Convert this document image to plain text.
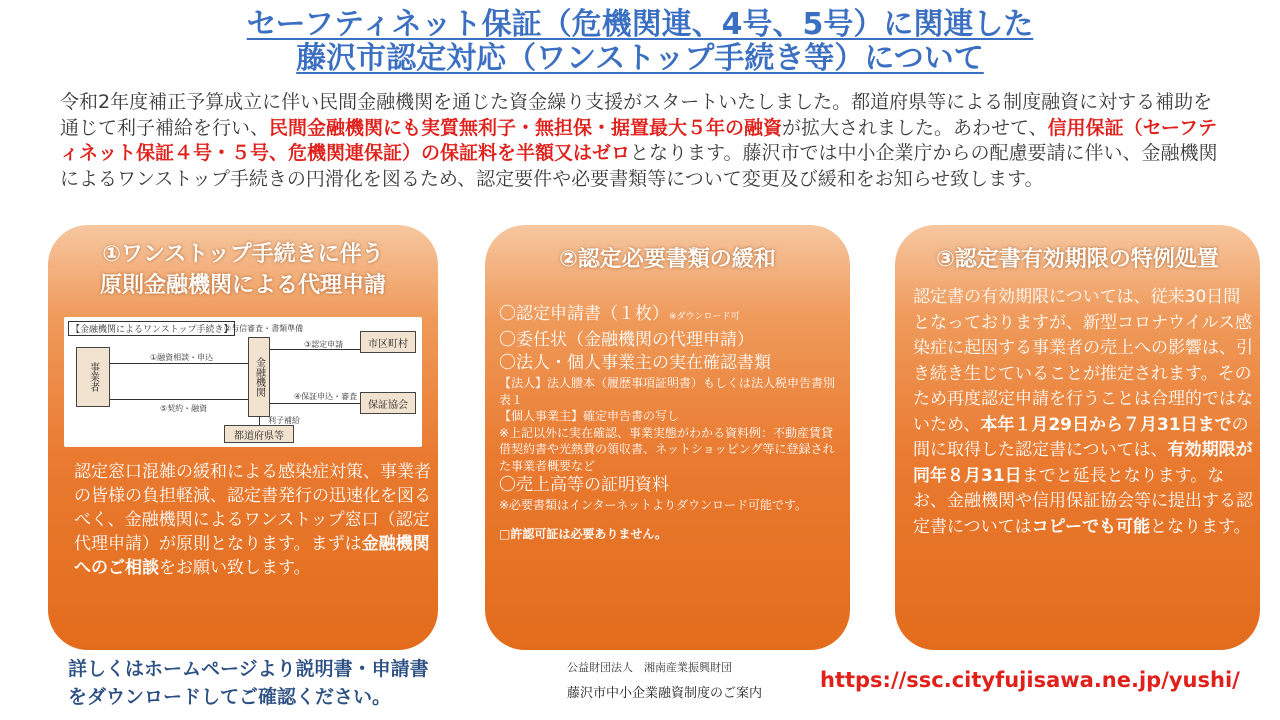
セーフティネット保証（危機関連、4号、5号）に関連した
藤沢市認定対応（ワンストップ手続き等）について
令和2年度補正予算成立に伴い民間金融機関を通じた資金繰り支援がスタートいたしました。都道府県等による制度融資に対する補助を通じて利子補給を行い、民間金融機関にも実質無利子・無担保・据置最大５年の融資が拡大されました。あわせて、信用保証（セーフティネット保証４号・５号、危機関連保証）の保証料を半額又はゼロとなります。藤沢市では中小企業庁からの配慮要請に伴い、金融機関によるワンストップ手続きの円滑化を図るため、認定要件や必要書類等について変更及び緩和をお知らせ致します。
①ワンストップ手続きに伴う
原則金融機関による代理申請
【金融機関によるワンストップ手続き】
事業者	金融機関
市区町村
保証協会
都道府県等
①融資相談・申込
②与信審査・書類準備
③認定申請
④保証申込・審査
⑤契約・融資
利子補給
認定窓口混雑の緩和による感染症対策、事業者の皆様の負担軽減、認定書発行の迅速化を図るべく、金融機関によるワンストップ窓口（認定代理申請）が原則となります。まずは金融機関へのご相談をお願い致します。
②認定必要書類の緩和
〇認定申請書（１枚）※ダウンロード可
〇委任状（金融機関の代理申請）
〇法人・個人事業主の実在確認書類
【法人】法人謄本（履歴事項証明書）もしくは法人税申告書別表１
【個人事業主】確定申告書の写し
※上記以外に実在確認、事業実態がわかる資料例：不動産賃貸借契約書や光熱費の領収書、ネットショッピング等に登録された事業者概要など
〇売上高等の証明資料
※必要書類はインターネットよりダウンロード可能です。
□許認可証は必要ありません。
③認定書有効期限の特例処置
認定書の有効期限については、従来30日間となっておりますが、新型コロナウイルス感染症に起因する事業者の売上への影響は、引き続き生じていることが推定されます。そのため再度認定申請を行うことは合理的ではないため、本年１月29日から７月31日までの間に取得した認定書については、有効期限が同年８月31日までと延長となります。なお、金融機関や信用保証協会等に提出する認定書についてはコピーでも可能となります。
詳しくはホームページより説明書・申請書
をダウンロードしてご確認ください。
公益財団法人　湘南産業振興財団
藤沢市中小企業融資制度のご案内
https://ssc.cityfujisawa.ne.jp/yushi/
